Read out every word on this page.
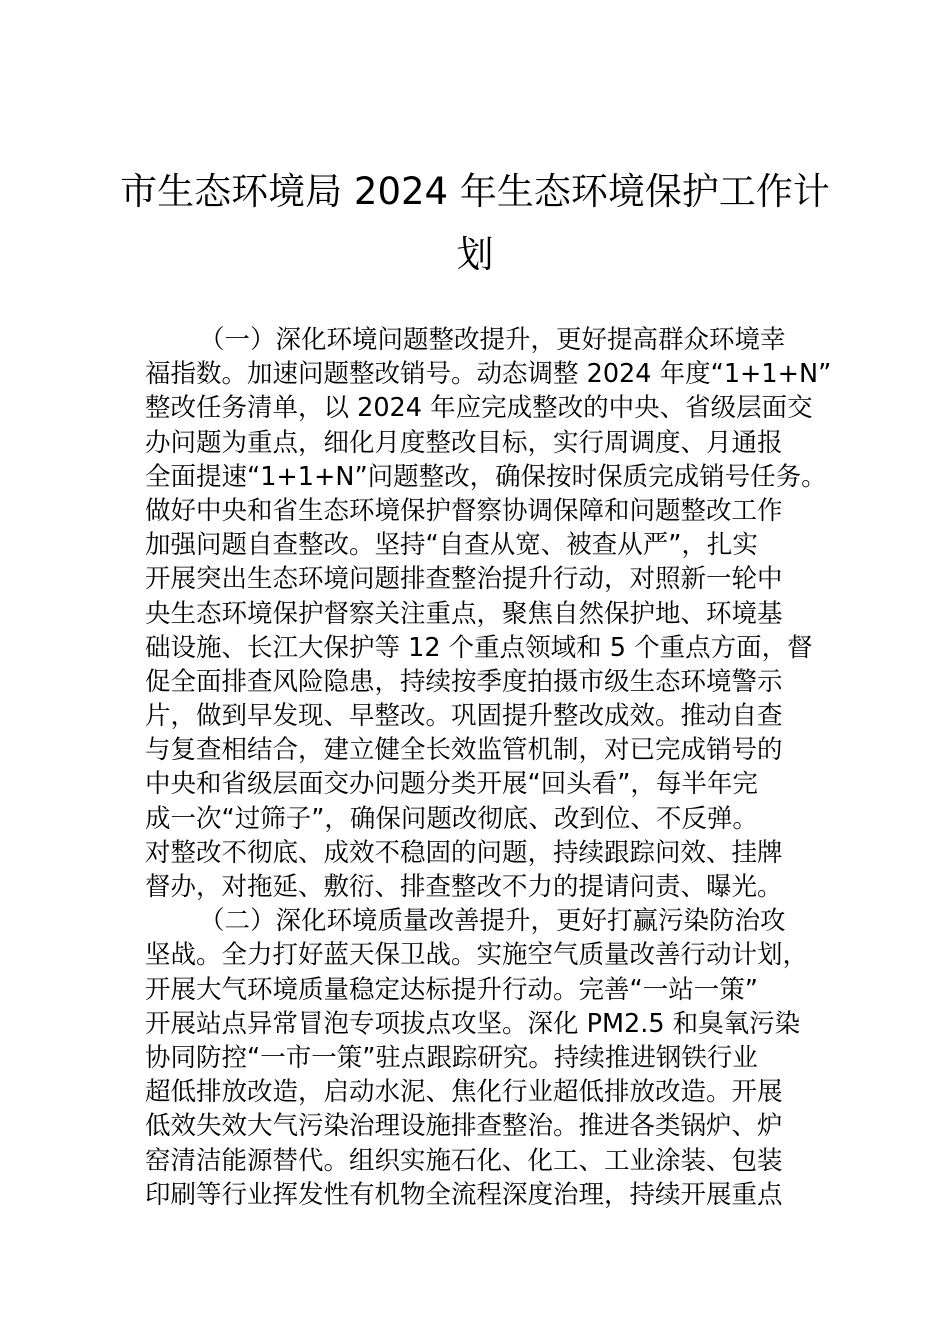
市生态环境局 2024 年生态环境保护工作计
划
（一）深化环境问题整改提升，更好提高群众环境幸
福指数。加速问题整改销号。动态调整 2024 年度“1+1+N”
整改任务清单，以 2024 年应完成整改的中央、省级层面交
办问题为重点，细化月度整改目标，实行周调度、月通报
全面提速“1+1+N”问题整改，确保按时保质完成销号任务。
做好中央和省生态环境保护督察协调保障和问题整改工作
加强问题自查整改。坚持“自查从宽、被查从严”，扎实
开展突出生态环境问题排查整治提升行动，对照新一轮中
央生态环境保护督察关注重点，聚焦自然保护地、环境基
础设施、长江大保护等 12 个重点领域和 5 个重点方面，督
促全面排查风险隐患，持续按季度拍摄市级生态环境警示
片，做到早发现、早整改。巩固提升整改成效。推动自查
与复查相结合，建立健全长效监管机制，对已完成销号的
中央和省级层面交办问题分类开展“回头看”，每半年完
成一次“过筛子”，确保问题改彻底、改到位、不反弹。
对整改不彻底、成效不稳固的问题，持续跟踪问效、挂牌
督办，对拖延、敷衍、排查整改不力的提请问责、曝光。
（二）深化环境质量改善提升，更好打赢污染防治攻
坚战。全力打好蓝天保卫战。实施空气质量改善行动计划，
开展大气环境质量稳定达标提升行动。完善“一站一策”
开展站点异常冒泡专项拔点攻坚。深化 PM2.5 和臭氧污染
协同防控“一市一策”驻点跟踪研究。持续推进钢铁行业
超低排放改造，启动水泥、焦化行业超低排放改造。开展
低效失效大气污染治理设施排查整治。推进各类锅炉、炉
窑清洁能源替代。组织实施石化、化工、工业涂装、包装
印刷等行业挥发性有机物全流程深度治理，持续开展重点
